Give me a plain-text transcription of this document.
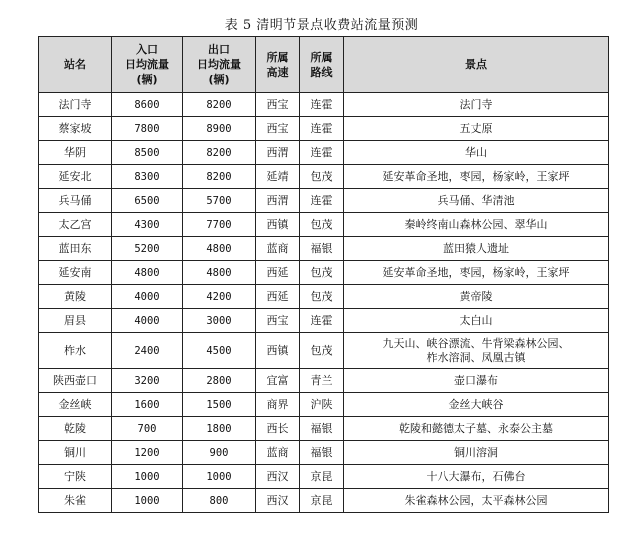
表 5 清明节景点收费站流量预测
站名	入口
日均流量
(辆)	出口
日均流量
(辆)	所属
高速	所属
路线	景点
法门寺	8600	8200	西宝	连霍	法门寺
蔡家坡	7800	8900	西宝	连霍	五丈原
华阴	8500	8200	西渭	连霍	华山
延安北	8300	8200	延靖	包茂	延安革命圣地，枣园，杨家岭，王家坪
兵马俑	6500	5700	西渭	连霍	兵马俑、华清池
太乙宫	4300	7700	西镇	包茂	秦岭终南山森林公园、翠华山
蓝田东	5200	4800	蓝商	福银	蓝田猿人遗址
延安南	4800	4800	西延	包茂	延安革命圣地，枣园，杨家岭，王家坪
黄陵	4000	4200	西延	包茂	黄帝陵
眉县	4000	3000	西宝	连霍	太白山
柞水	2400	4500	西镇	包茂	九天山、峡谷漂流、牛背梁森林公园、
柞水溶洞、凤凰古镇

陕西壶口	3200	2800	宜富	青兰	壶口瀑布
金丝峡	1600	1500	商界	沪陕	金丝大峡谷
乾陵	700	1800	西长	福银	乾陵和懿德太子墓、永泰公主墓
铜川	1200	900	蓝商	福银	铜川溶洞
宁陕	1000	1000	西汉	京昆	十八大瀑布，石佛台
朱雀	1000	800	西汉	京昆	朱雀森林公园，太平森林公园
